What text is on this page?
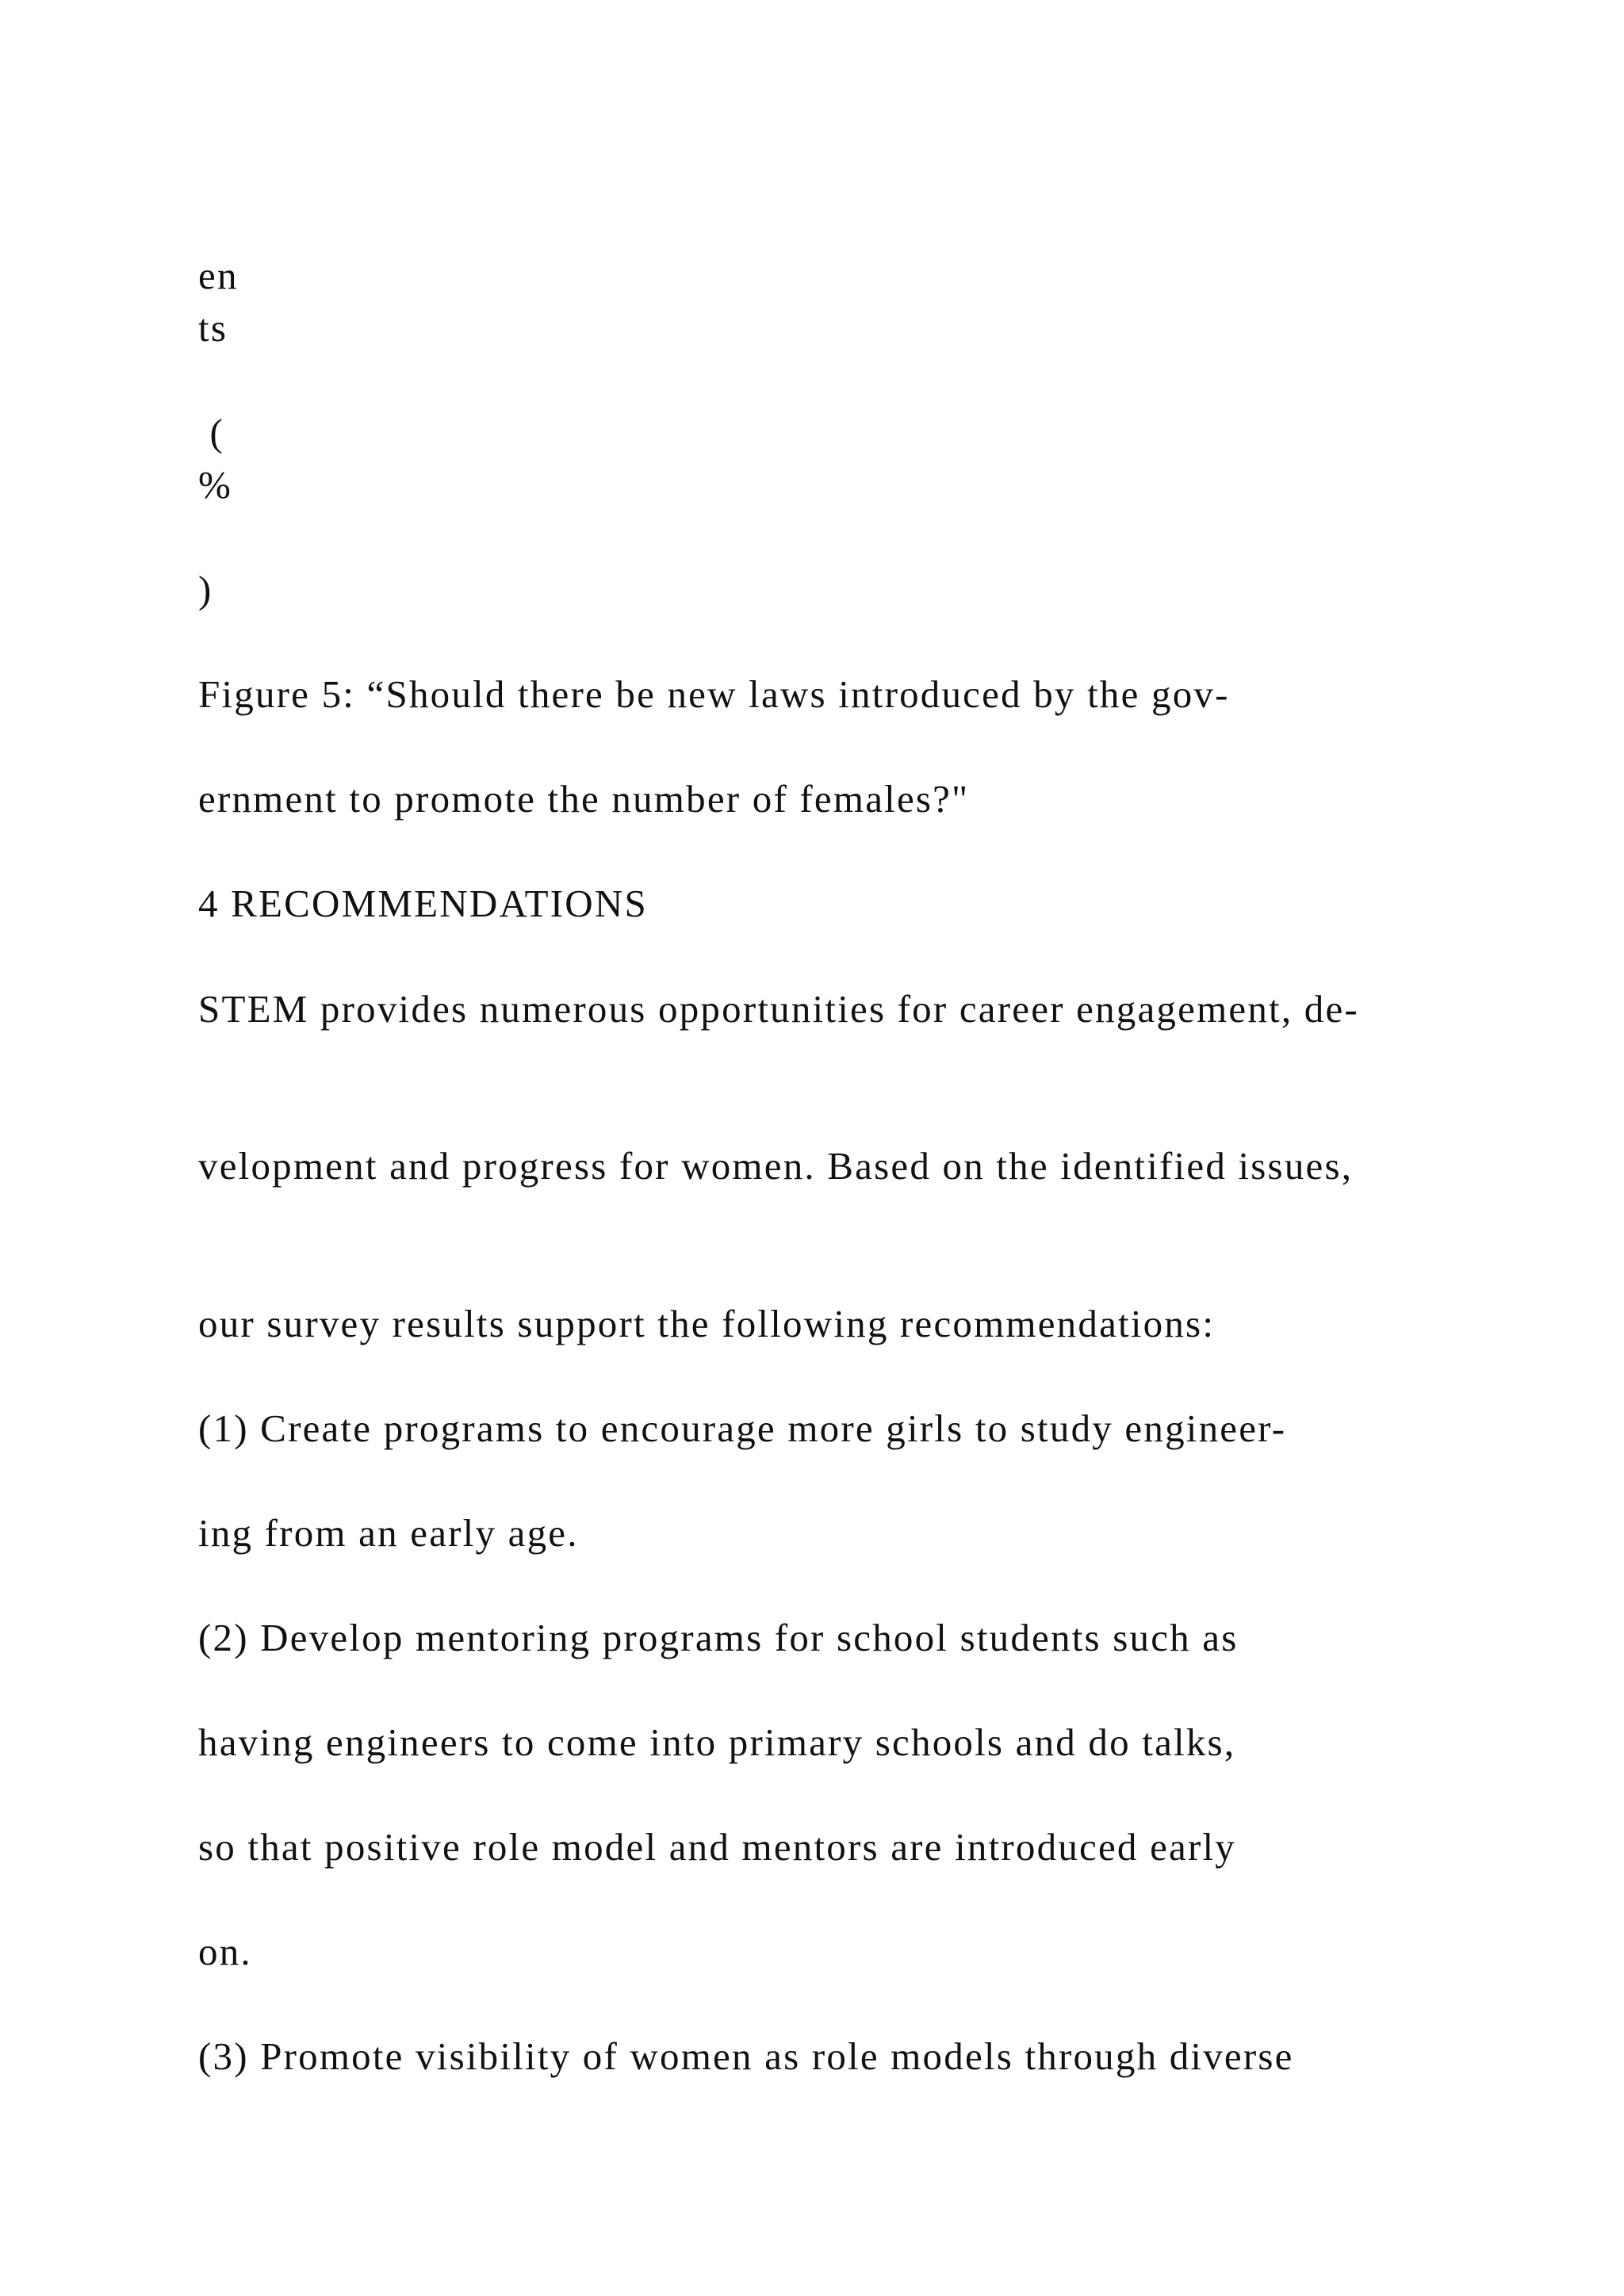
en

ts

(

%

)

Figure 5: “Should there be new laws introduced by the gov-

ernment to promote the number of females?"

4 RECOMMENDATIONS

STEM provides numerous opportunities for career engagement, de-

velopment and progress for women. Based on the identified issues,

our survey results support the following recommendations:

(1) Create programs to encourage more girls to study engineer-

ing from an early age.

(2) Develop mentoring programs for school students such as

having engineers to come into primary schools and do talks,

so that positive role model and mentors are introduced early

on.

(3) Promote visibility of women as role models through diverse
